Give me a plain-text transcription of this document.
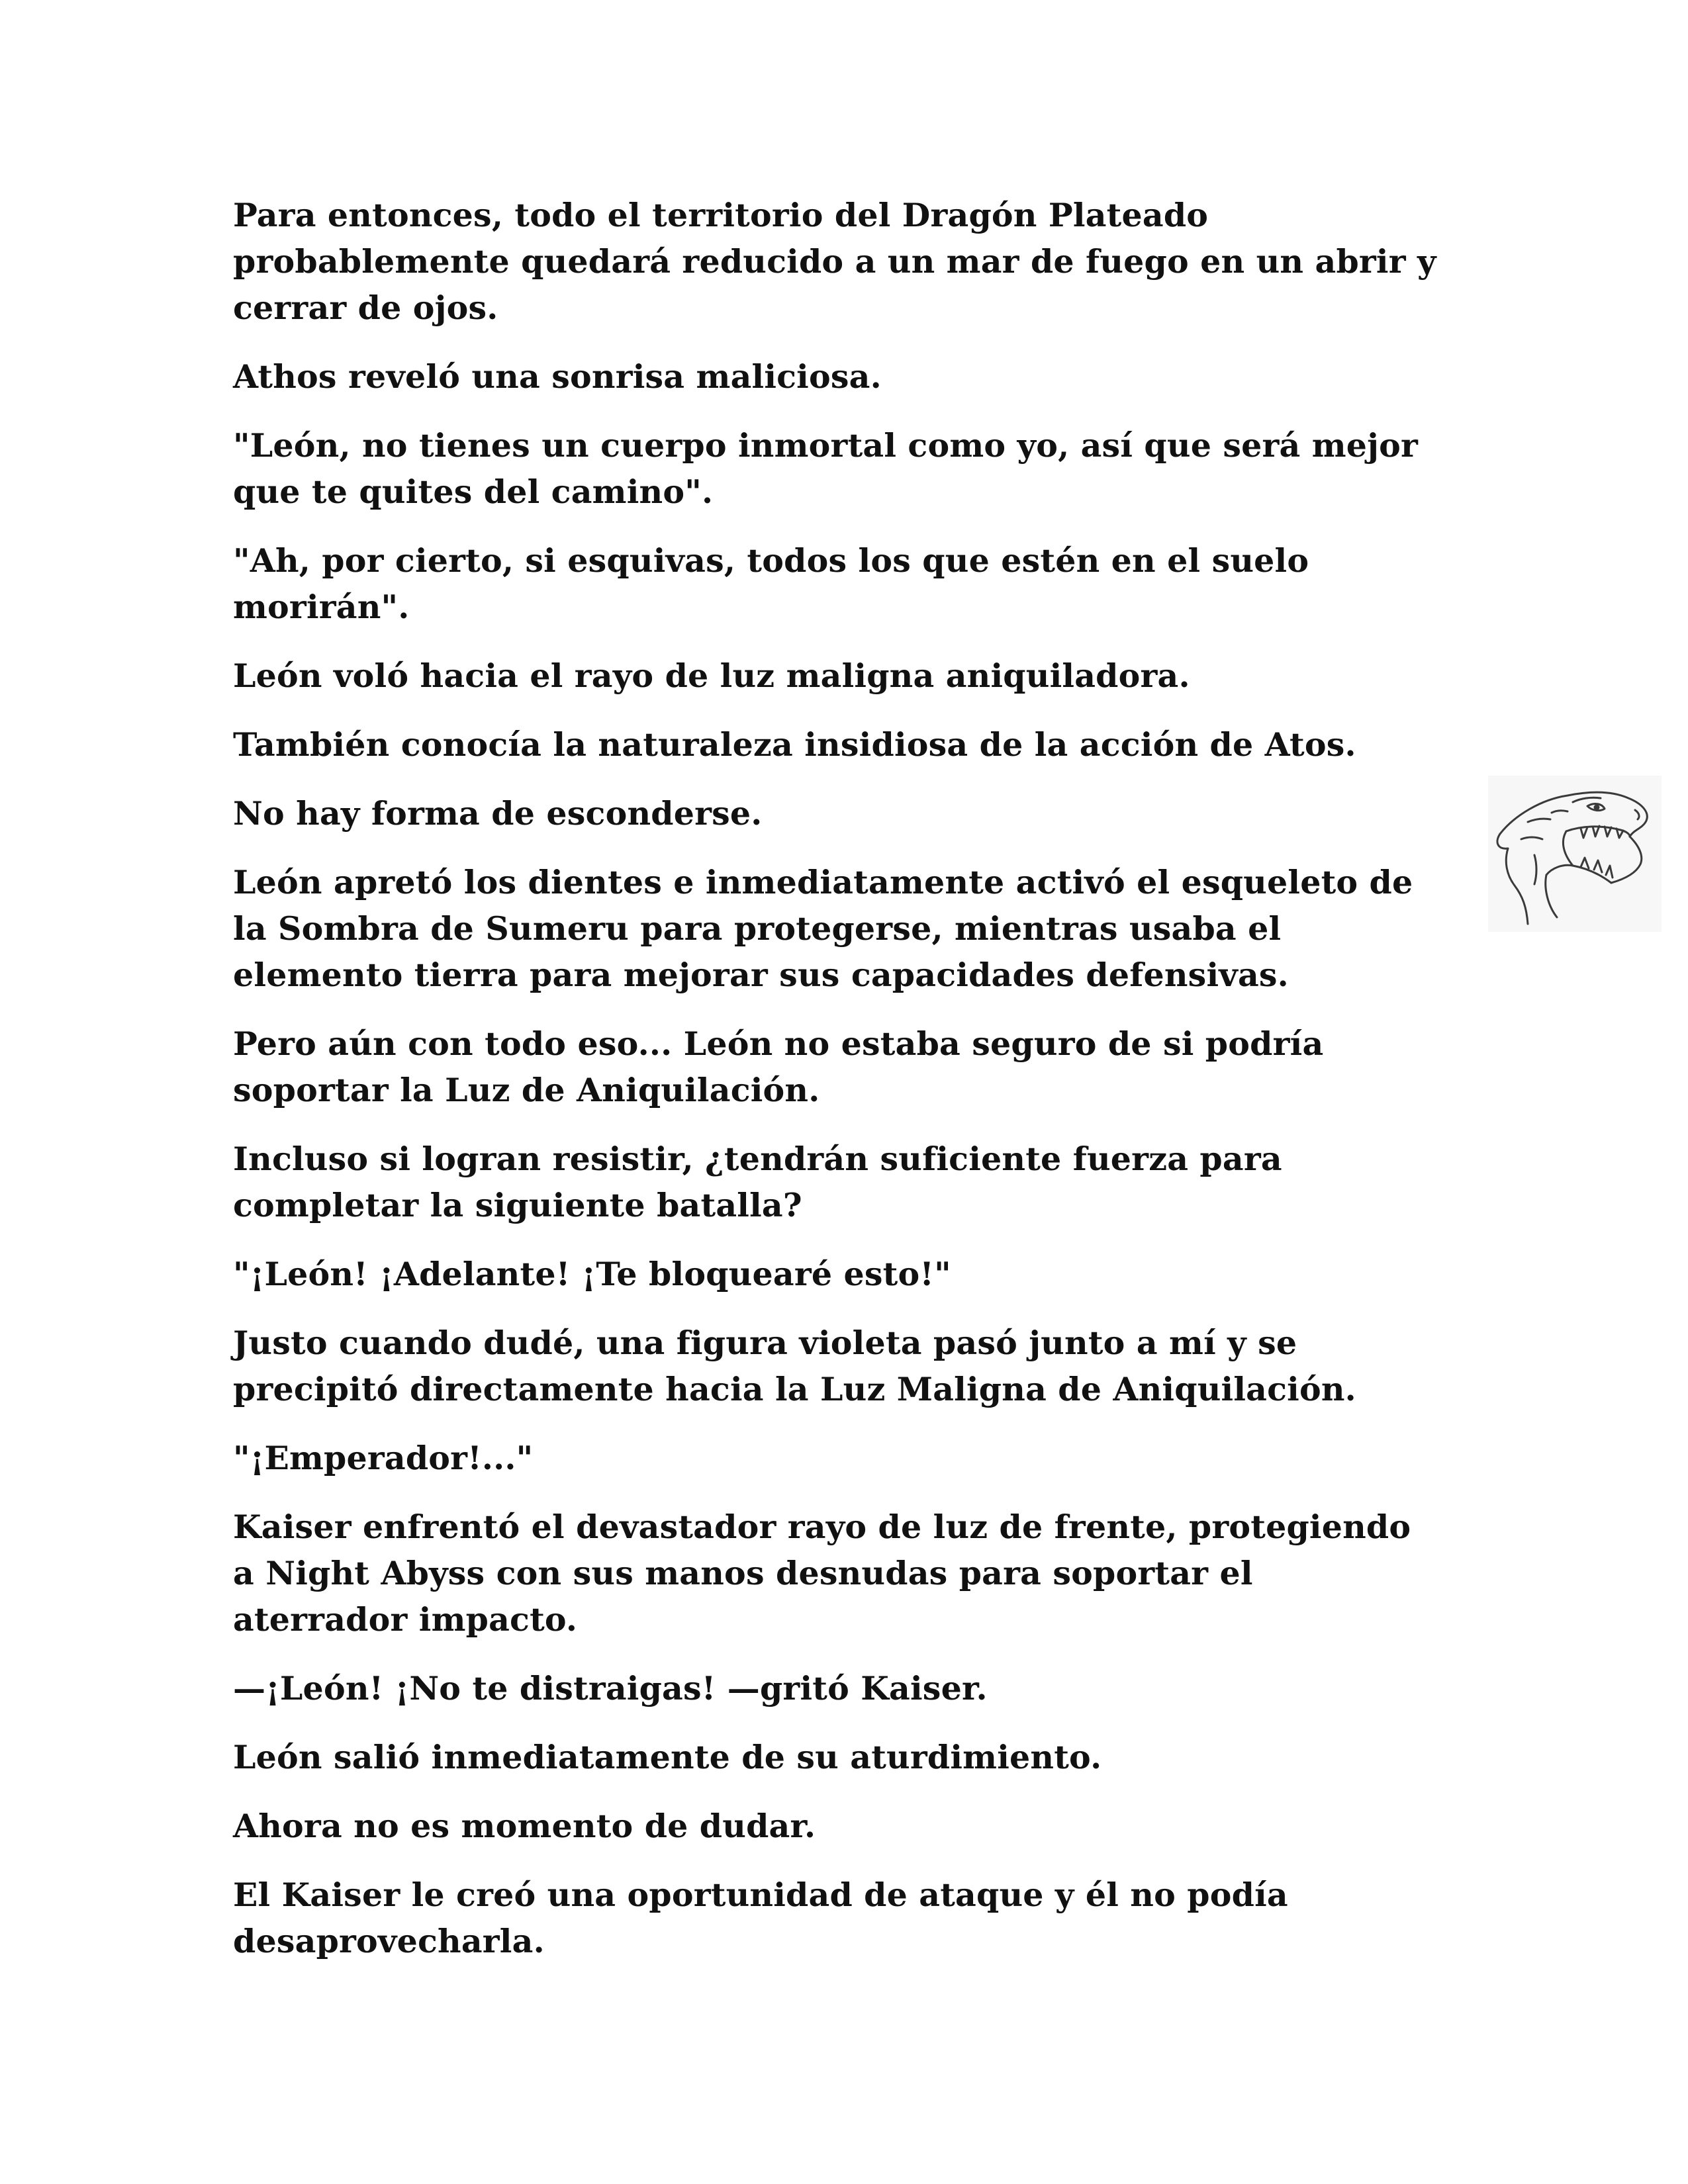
Para entonces, todo el territorio del Dragón Plateado probablemente quedará reducido a un mar de fuego en un abrir y cerrar de ojos.

Athos reveló una sonrisa maliciosa.

"León, no tienes un cuerpo inmortal como yo, así que será mejor que te quites del camino".

"Ah, por cierto, si esquivas, todos los que estén en el suelo morirán".

León voló hacia el rayo de luz maligna aniquiladora.

También conocía la naturaleza insidiosa de la acción de Atos.

No hay forma de esconderse.

León apretó los dientes e inmediatamente activó el esqueleto de la Sombra de Sumeru para protegerse, mientras usaba el elemento tierra para mejorar sus capacidades defensivas.

Pero aún con todo eso... León no estaba seguro de si podría soportar la Luz de Aniquilación.

Incluso si logran resistir, ¿tendrán suficiente fuerza para completar la siguiente batalla?

"¡León! ¡Adelante! ¡Te bloquearé esto!"

Justo cuando dudé, una figura violeta pasó junto a mí y se precipitó directamente hacia la Luz Maligna de Aniquilación.

"¡Emperador!..."

Kaiser enfrentó el devastador rayo de luz de frente, protegiendo a Night Abyss con sus manos desnudas para soportar el aterrador impacto.

—¡León! ¡No te distraigas! —gritó Kaiser.

León salió inmediatamente de su aturdimiento.

Ahora no es momento de dudar.

El Kaiser le creó una oportunidad de ataque y él no podía desaprovecharla.
